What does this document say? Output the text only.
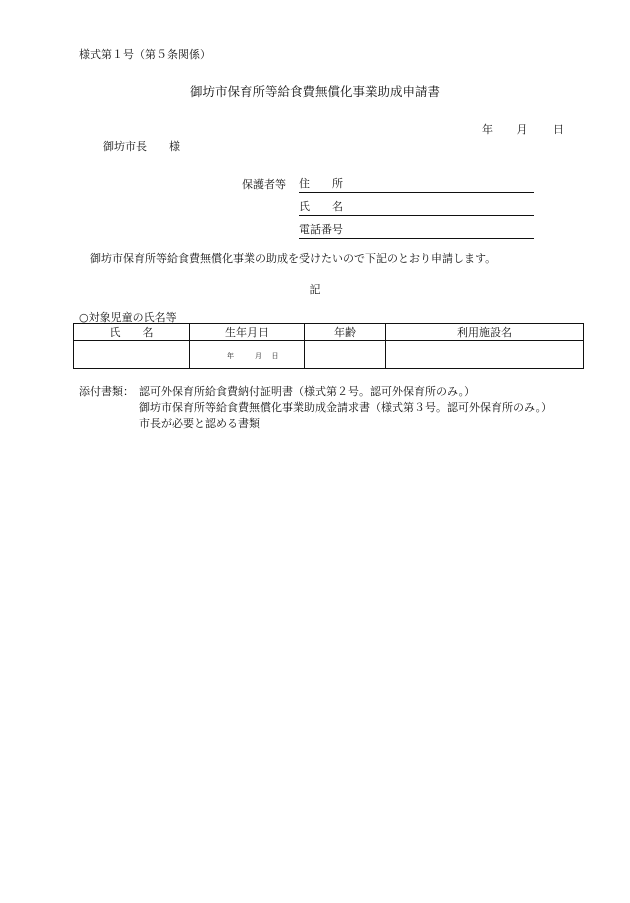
様式第１号（第５条関係）
御坊市保育所等給食費無償化事業助成申請書
年 月 日
御坊市長　　様
保護者等 住　　所
氏　　名
電話番号
御坊市保育所等給食費無償化事業の助成を受けたいので下記のとおり申請します。
記
○対象児童の氏名等
氏　　名	生年月日	年齢	利用施設名
	年 月 日		
添付書類： 認可外保育所給食費納付証明書（様式第２号。認可外保育所のみ。）
御坊市保育所等給食費無償化事業助成金請求書（様式第３号。認可外保育所のみ。）
市長が必要と認める書類
